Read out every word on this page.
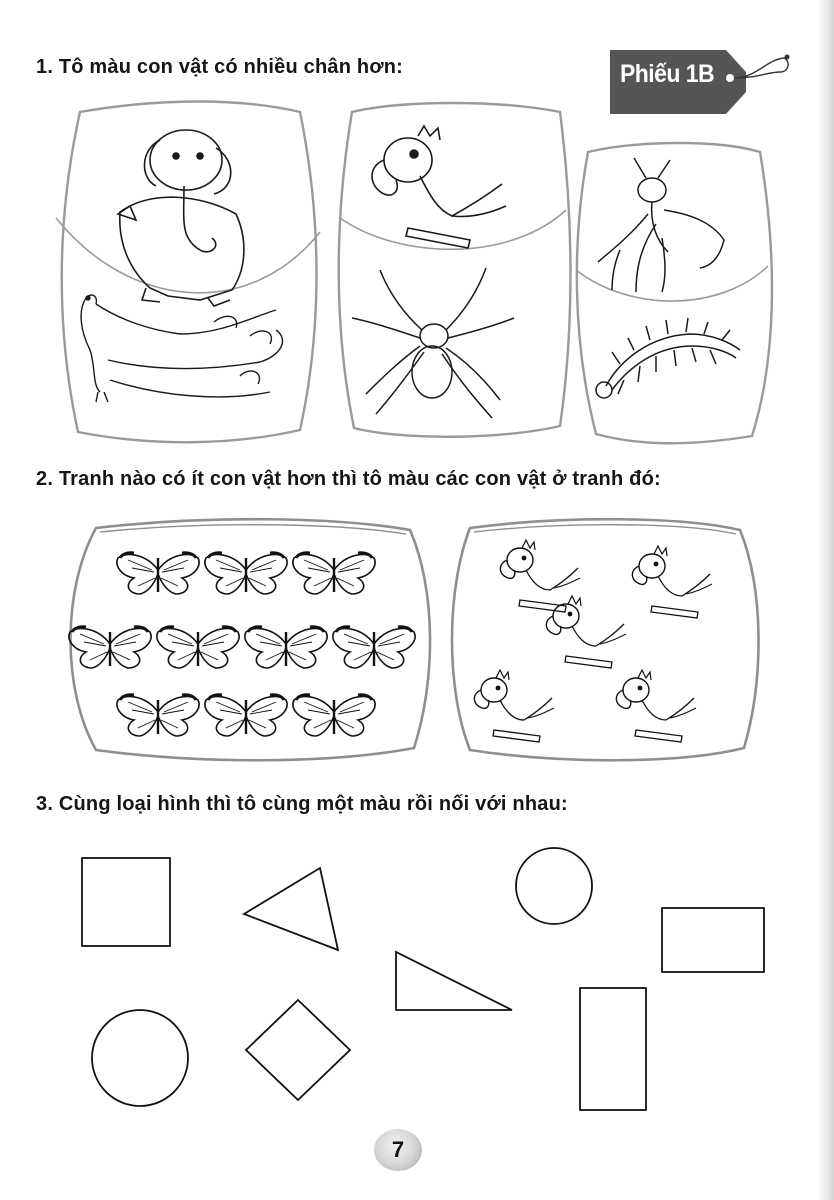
1. Tô màu con vật có nhiều chân hơn:
2. Tranh nào có ít con vật hơn thì tô màu các con vật ở tranh đó:
3. Cùng loại hình thì tô cùng một màu rồi nối với nhau:
Phiếu 1B
7
